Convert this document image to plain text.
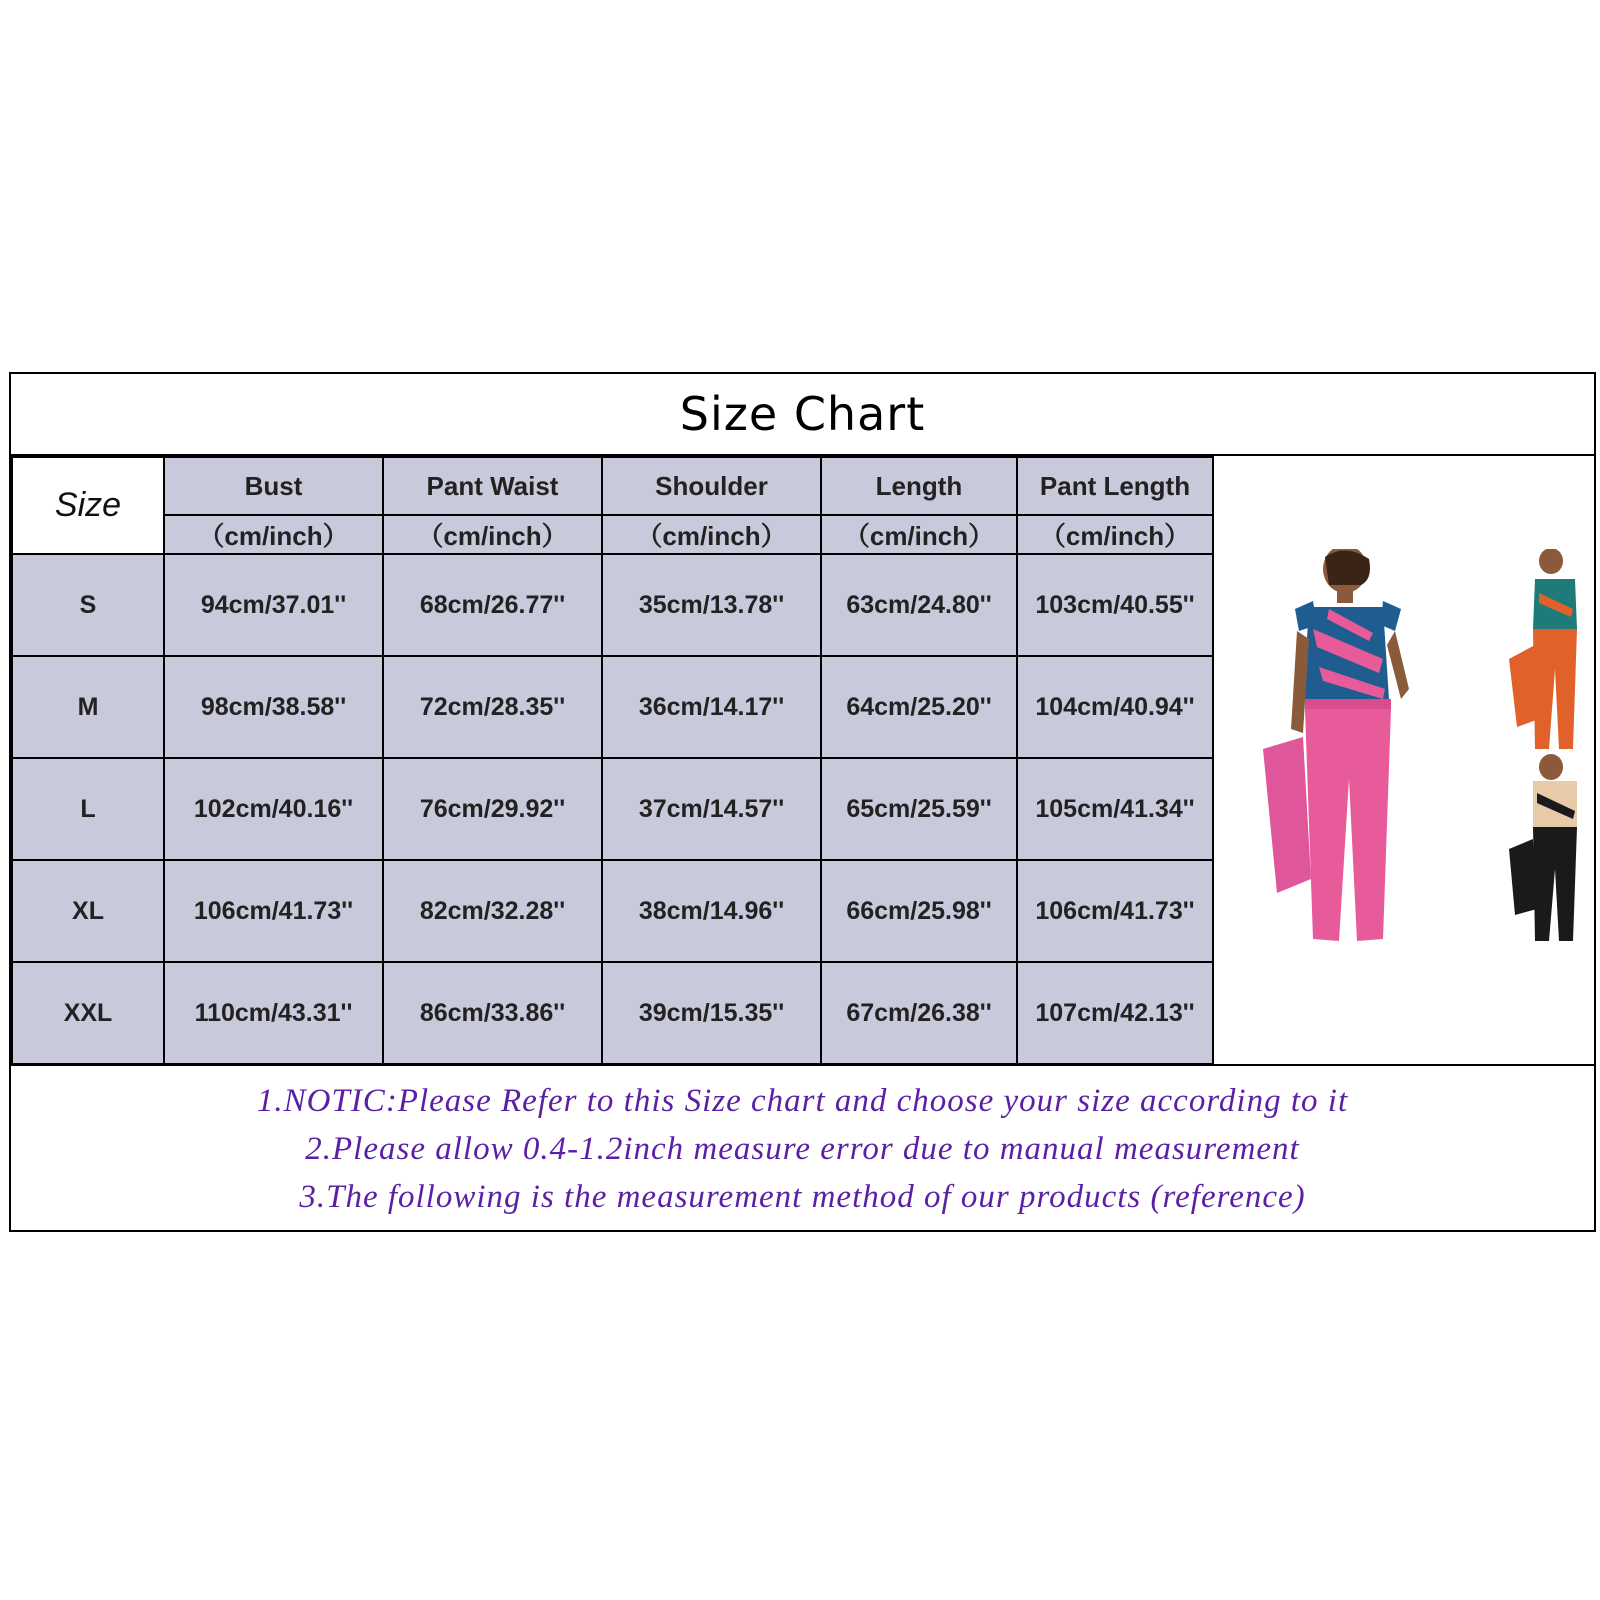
Size Chart
Size	Bust	Pant Waist	Shoulder	Length	Pant Length
	（cm/inch）	（cm/inch）	（cm/inch）	（cm/inch）	（cm/inch）
S	94cm/37.01''	68cm/26.77''	35cm/13.78''	63cm/24.80''	103cm/40.55''
M	98cm/38.58''	72cm/28.35''	36cm/14.17''	64cm/25.20''	104cm/40.94''
L	102cm/40.16''	76cm/29.92''	37cm/14.57''	65cm/25.59''	105cm/41.34''
XL	106cm/41.73''	82cm/32.28''	38cm/14.96''	66cm/25.98''	106cm/41.73''
XXL	110cm/43.31''	86cm/33.86''	39cm/15.35''	67cm/26.38''	107cm/42.13''
1.NOTIC:Please Refer to this Size chart and choose your size according to it
2.Please allow 0.4-1.2inch measure error due to manual measurement
3.The following is the measurement method of our products (reference)
